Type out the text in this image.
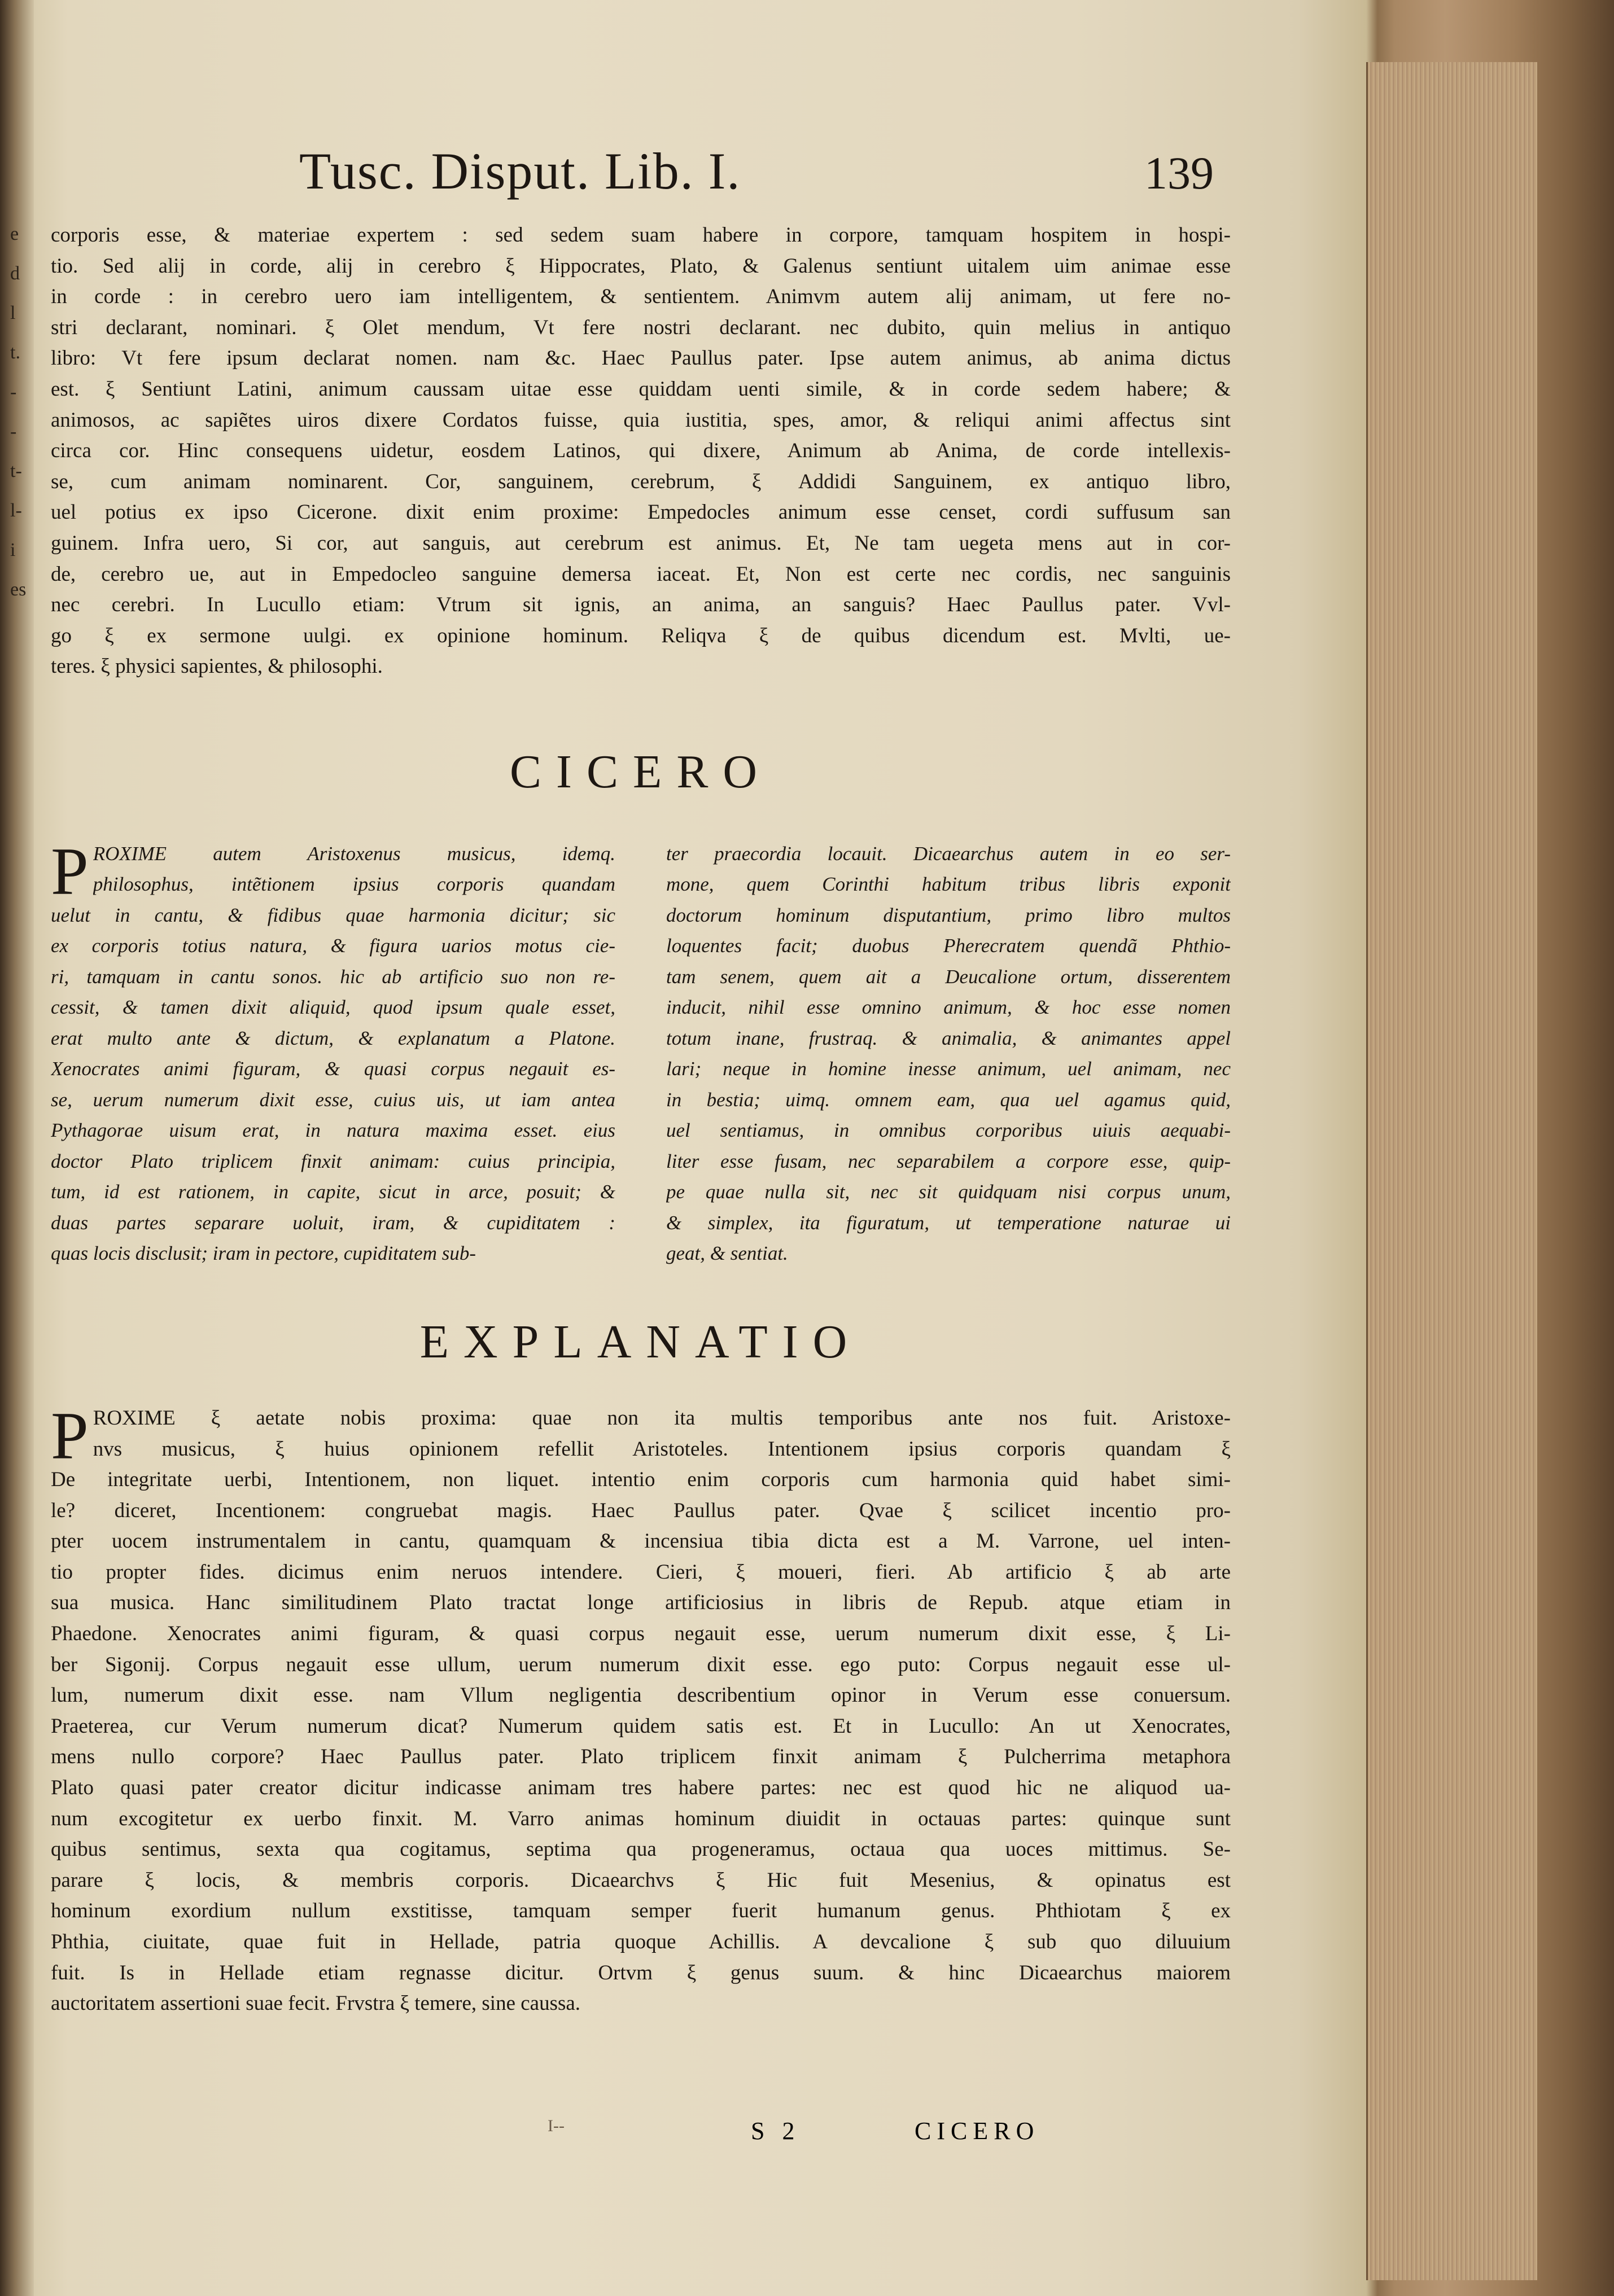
e
d
l
t.
-
-
t-
l-
i
es
Tusc. Disput. Lib. I.	139
corporis esse, & materiae expertem : sed sedem suam habere in corpore, tamquam hospitem in hospi-
tio. Sed alij in corde, alij in cerebro ξ Hippocrates, Plato, & Galenus sentiunt uitalem uim animae esse
in corde : in cerebro uero iam intelligentem, & sentientem. Animvm autem alij animam, ut fere no-
stri declarant, nominari. ξ Olet mendum, Vt fere nostri declarant. nec dubito, quin melius in antiquo
libro: Vt fere ipsum declarat nomen. nam &c. Haec Paullus pater. Ipse autem animus, ab anima dictus
est. ξ Sentiunt Latini, animum caussam uitae esse quiddam uenti simile, & in corde sedem habere; &
animosos, ac sapiẽtes uiros dixere Cordatos fuisse, quia iustitia, spes, amor, & reliqui animi affectus sint
circa cor. Hinc consequens uidetur, eosdem Latinos, qui dixere, Animum ab Anima, de corde intellexis-
se, cum animam nominarent. Cor, sanguinem, cerebrum, ξ Addidi Sanguinem, ex antiquo libro,
uel potius ex ipso Cicerone. dixit enim proxime: Empedocles animum esse censet, cordi suffusum san
guinem. Infra uero, Si cor, aut sanguis, aut cerebrum est animus. Et, Ne tam uegeta mens aut in cor-
de, cerebro ue, aut in Empedocleo sanguine demersa iaceat. Et, Non est certe nec cordis, nec sanguinis
nec cerebri. In Lucullo etiam: Vtrum sit ignis, an anima, an sanguis? Haec Paullus pater. Vvl-
go ξ ex sermone uulgi. ex opinione hominum. Reliqva ξ de quibus dicendum est. Mvlti, ue-
teres. ξ physici sapientes, & philosophi.
CICERO
P ROXIME autem Aristoxenus musicus, idemq.
philosophus, intẽtionem ipsius corporis quandam
uelut in cantu, & fidibus quae harmonia dicitur; sic
ex corporis totius natura, & figura uarios motus cie-
ri, tamquam in cantu sonos. hic ab artificio suo non re-
cessit, & tamen dixit aliquid, quod ipsum quale esset,
erat multo ante & dictum, & explanatum a Platone.
Xenocrates animi figuram, & quasi corpus negauit es-
se, uerum numerum dixit esse, cuius uis, ut iam antea
Pythagorae uisum erat, in natura maxima esset. eius
doctor Plato triplicem finxit animam: cuius principia,
tum, id est rationem, in capite, sicut in arce, posuit; &
duas partes separare uoluit, iram, & cupiditatem :
quas locis disclusit; iram in pectore, cupiditatem sub-
ter praecordia locauit. Dicaearchus autem in eo ser-
mone, quem Corinthi habitum tribus libris exponit
doctorum hominum disputantium, primo libro multos
loquentes facit; duobus Pherecratem quendã Phthio-
tam senem, quem ait a Deucalione ortum, disserentem
inducit, nihil esse omnino animum, & hoc esse nomen
totum inane, frustraq. & animalia, & animantes appel
lari; neque in homine inesse animum, uel animam, nec
in bestia; uimq. omnem eam, qua uel agamus quid,
uel sentiamus, in omnibus corporibus uiuis aequabi-
liter esse fusam, nec separabilem a corpore esse, quip-
pe quae nulla sit, nec sit quidquam nisi corpus unum,
& simplex, ita figuratum, ut temperatione naturae ui
geat, & sentiat.
EXPLANATIO
P ROXIME ξ aetate nobis proxima: quae non ita multis temporibus ante nos fuit. Aristoxe-
nvs musicus, ξ huius opinionem refellit Aristoteles. Intentionem ipsius corporis quandam ξ
De integritate uerbi, Intentionem, non liquet. intentio enim corporis cum harmonia quid habet simi-
le? diceret, Incentionem: congruebat magis. Haec Paullus pater. Qvae ξ scilicet incentio pro-
pter uocem instrumentalem in cantu, quamquam & incensiua tibia dicta est a M. Varrone, uel inten-
tio propter fides. dicimus enim neruos intendere. Cieri, ξ moueri, fieri. Ab artificio ξ ab arte
sua musica. Hanc similitudinem Plato tractat longe artificiosius in libris de Repub. atque etiam in
Phaedone. Xenocrates animi figuram, & quasi corpus negauit esse, uerum numerum dixit esse, ξ Li-
ber Sigonij. Corpus negauit esse ullum, uerum numerum dixit esse. ego puto: Corpus negauit esse ul-
lum, numerum dixit esse. nam Vllum negligentia describentium opinor in Verum esse conuersum.
Praeterea, cur Verum numerum dicat? Numerum quidem satis est. Et in Lucullo: An ut Xenocrates,
mens nullo corpore? Haec Paullus pater. Plato triplicem finxit animam ξ Pulcherrima metaphora
Plato quasi pater creator dicitur indicasse animam tres habere partes: nec est quod hic ne aliquod ua-
num excogitetur ex uerbo finxit. M. Varro animas hominum diuidit in octauas partes: quinque sunt
quibus sentimus, sexta qua cogitamus, septima qua progeneramus, octaua qua uoces mittimus. Se-
parare ξ locis, & membris corporis. Dicaearchvs ξ Hic fuit Mesenius, & opinatus est
hominum exordium nullum exstitisse, tamquam semper fuerit humanum genus. Phthiotam ξ ex
Phthia, ciuitate, quae fuit in Hellade, patria quoque Achillis. A devcalione ξ sub quo diluuium
fuit. Is in Hellade etiam regnasse dicitur. Ortvm ξ genus suum. & hinc Dicaearchus maiorem
auctoritatem assertioni suae fecit. Frvstra ξ temere, sine caussa.
I--	S 2	CICERO
